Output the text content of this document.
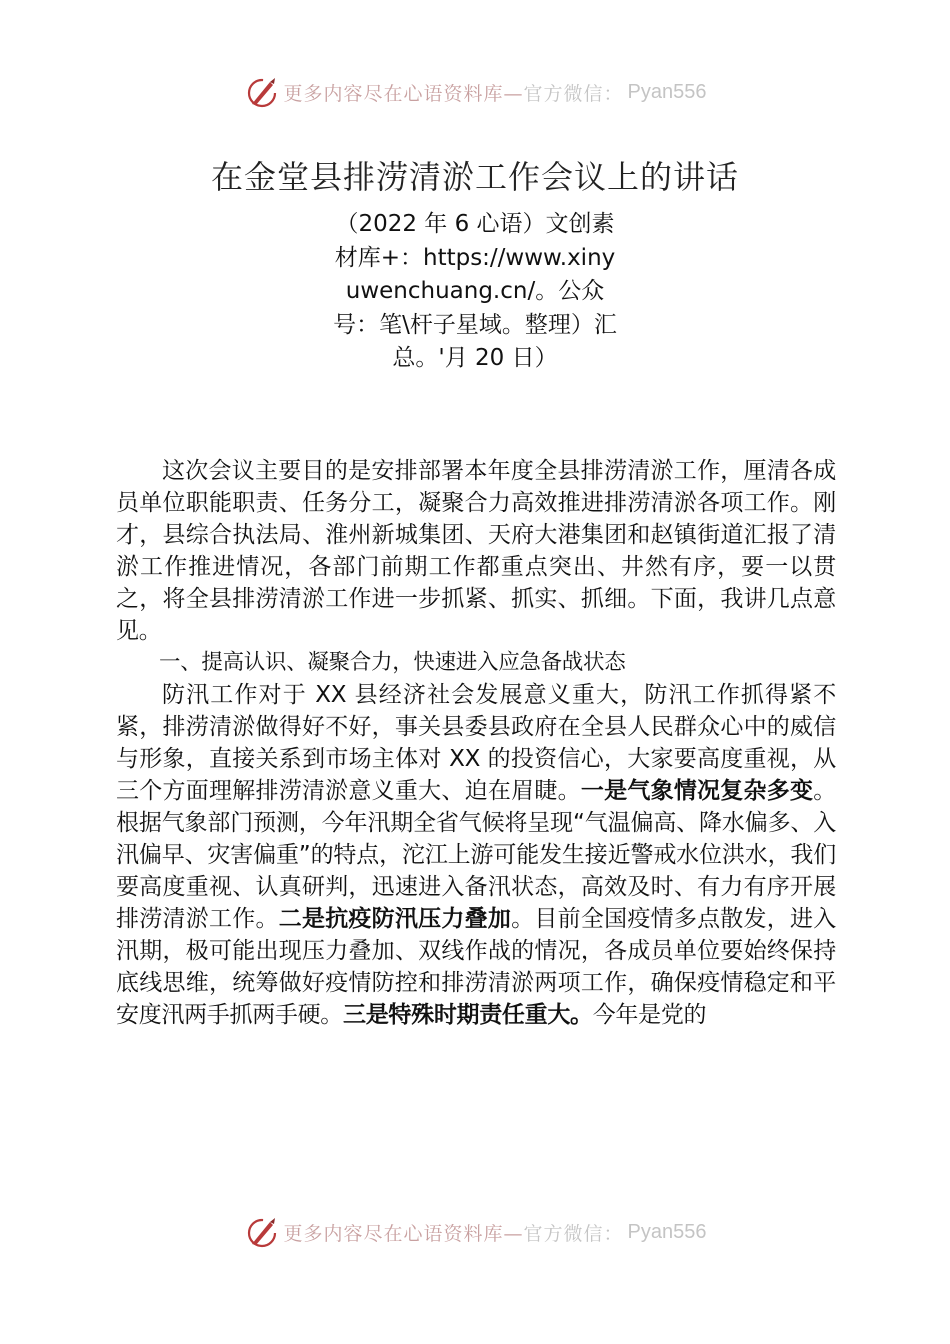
更多内容尽在心语资料库— 官方微信： Pyan556
在金堂县排涝清淤工作会议上的讲话
（2022 年 6 心语）文创素材库+：https://www.xinyuwenchuang.cn/。公众号：笔\杆子星域。整理）汇总。'月 20 日）

这次会议主要目的是安排部署本年度全县排涝清淤工作，厘清各成员单位职能职责、任务分工，凝聚合力高效推进排涝清淤各项工作。刚才，县综合执法局、淮州新城集团、天府大港集团和赵镇街道汇报了清淤工作推进情况，各部门前期工作都重点突出、井然有序，要一以贯之，将全县排涝清淤工作进一步抓紧、抓实、抓细。下面，我讲几点意见。

一、提高认识、凝聚合力，快速进入应急备战状态

防汛工作对于 XX 县经济社会发展意义重大，防汛工作抓得紧不紧，排涝清淤做得好不好，事关县委县政府在全县人民群众心中的威信与形象，直接关系到市场主体对 XX 的投资信心，大家要高度重视，从三个方面理解排涝清淤意义重大、迫在眉睫。一是气象情况复杂多变。根据气象部门预测，今年汛期全省气候将呈现“气温偏高、降水偏多、入汛偏早、灾害偏重”的特点，沱江上游可能发生接近警戒水位洪水，我们要高度重视、认真研判，迅速进入备汛状态，高效及时、有力有序开展排涝清淤工作。二是抗疫防汛压力叠加。目前全国疫情多点散发，进入汛期，极可能出现压力叠加、双线作战的情况，各成员单位要始终保持底线思维，统筹做好疫情防控和排涝清淤两项工作，确保疫情稳定和平安度汛两手抓两手硬。三是特殊时期责任重大。今年是党的

更多内容尽在心语资料库— 官方微信： Pyan556
